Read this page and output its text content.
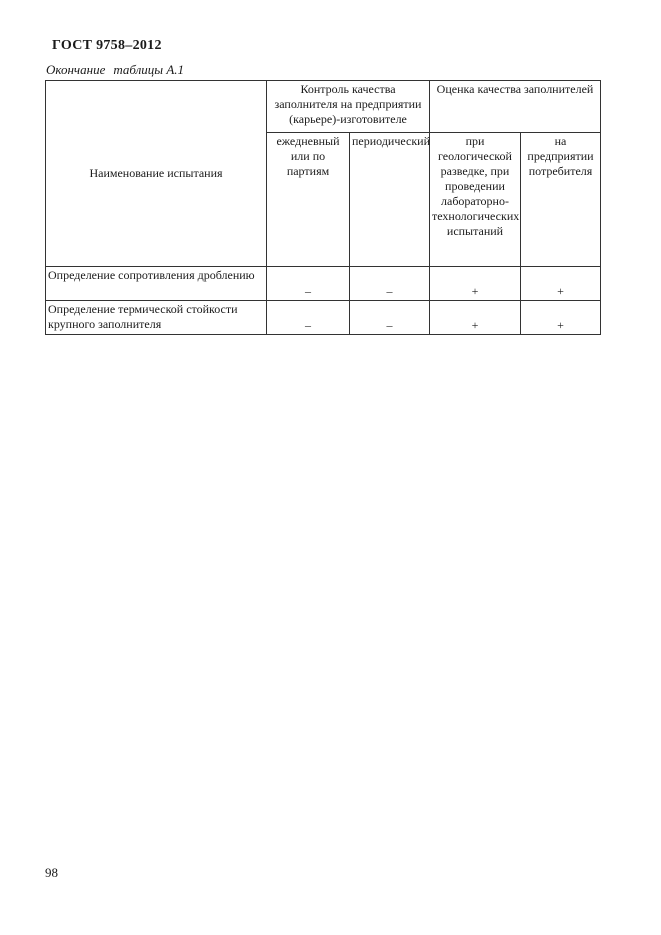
ГОСТ 9758–2012
Окончание таблицы А.1
Наименование испытания	Контроль качества заполнителя на предприятии (карьере)-изготовителе		Оценка качества заполнителей	
	ежедневный или по партиям	периодический	при геологической разведке, при проведении лабораторно-технологических испытаний	на предприятии потребителя
Определение сопротивления дроблению	–	–	+	+
Определение термической стойкости крупного заполнителя	–	–	+	+
98
